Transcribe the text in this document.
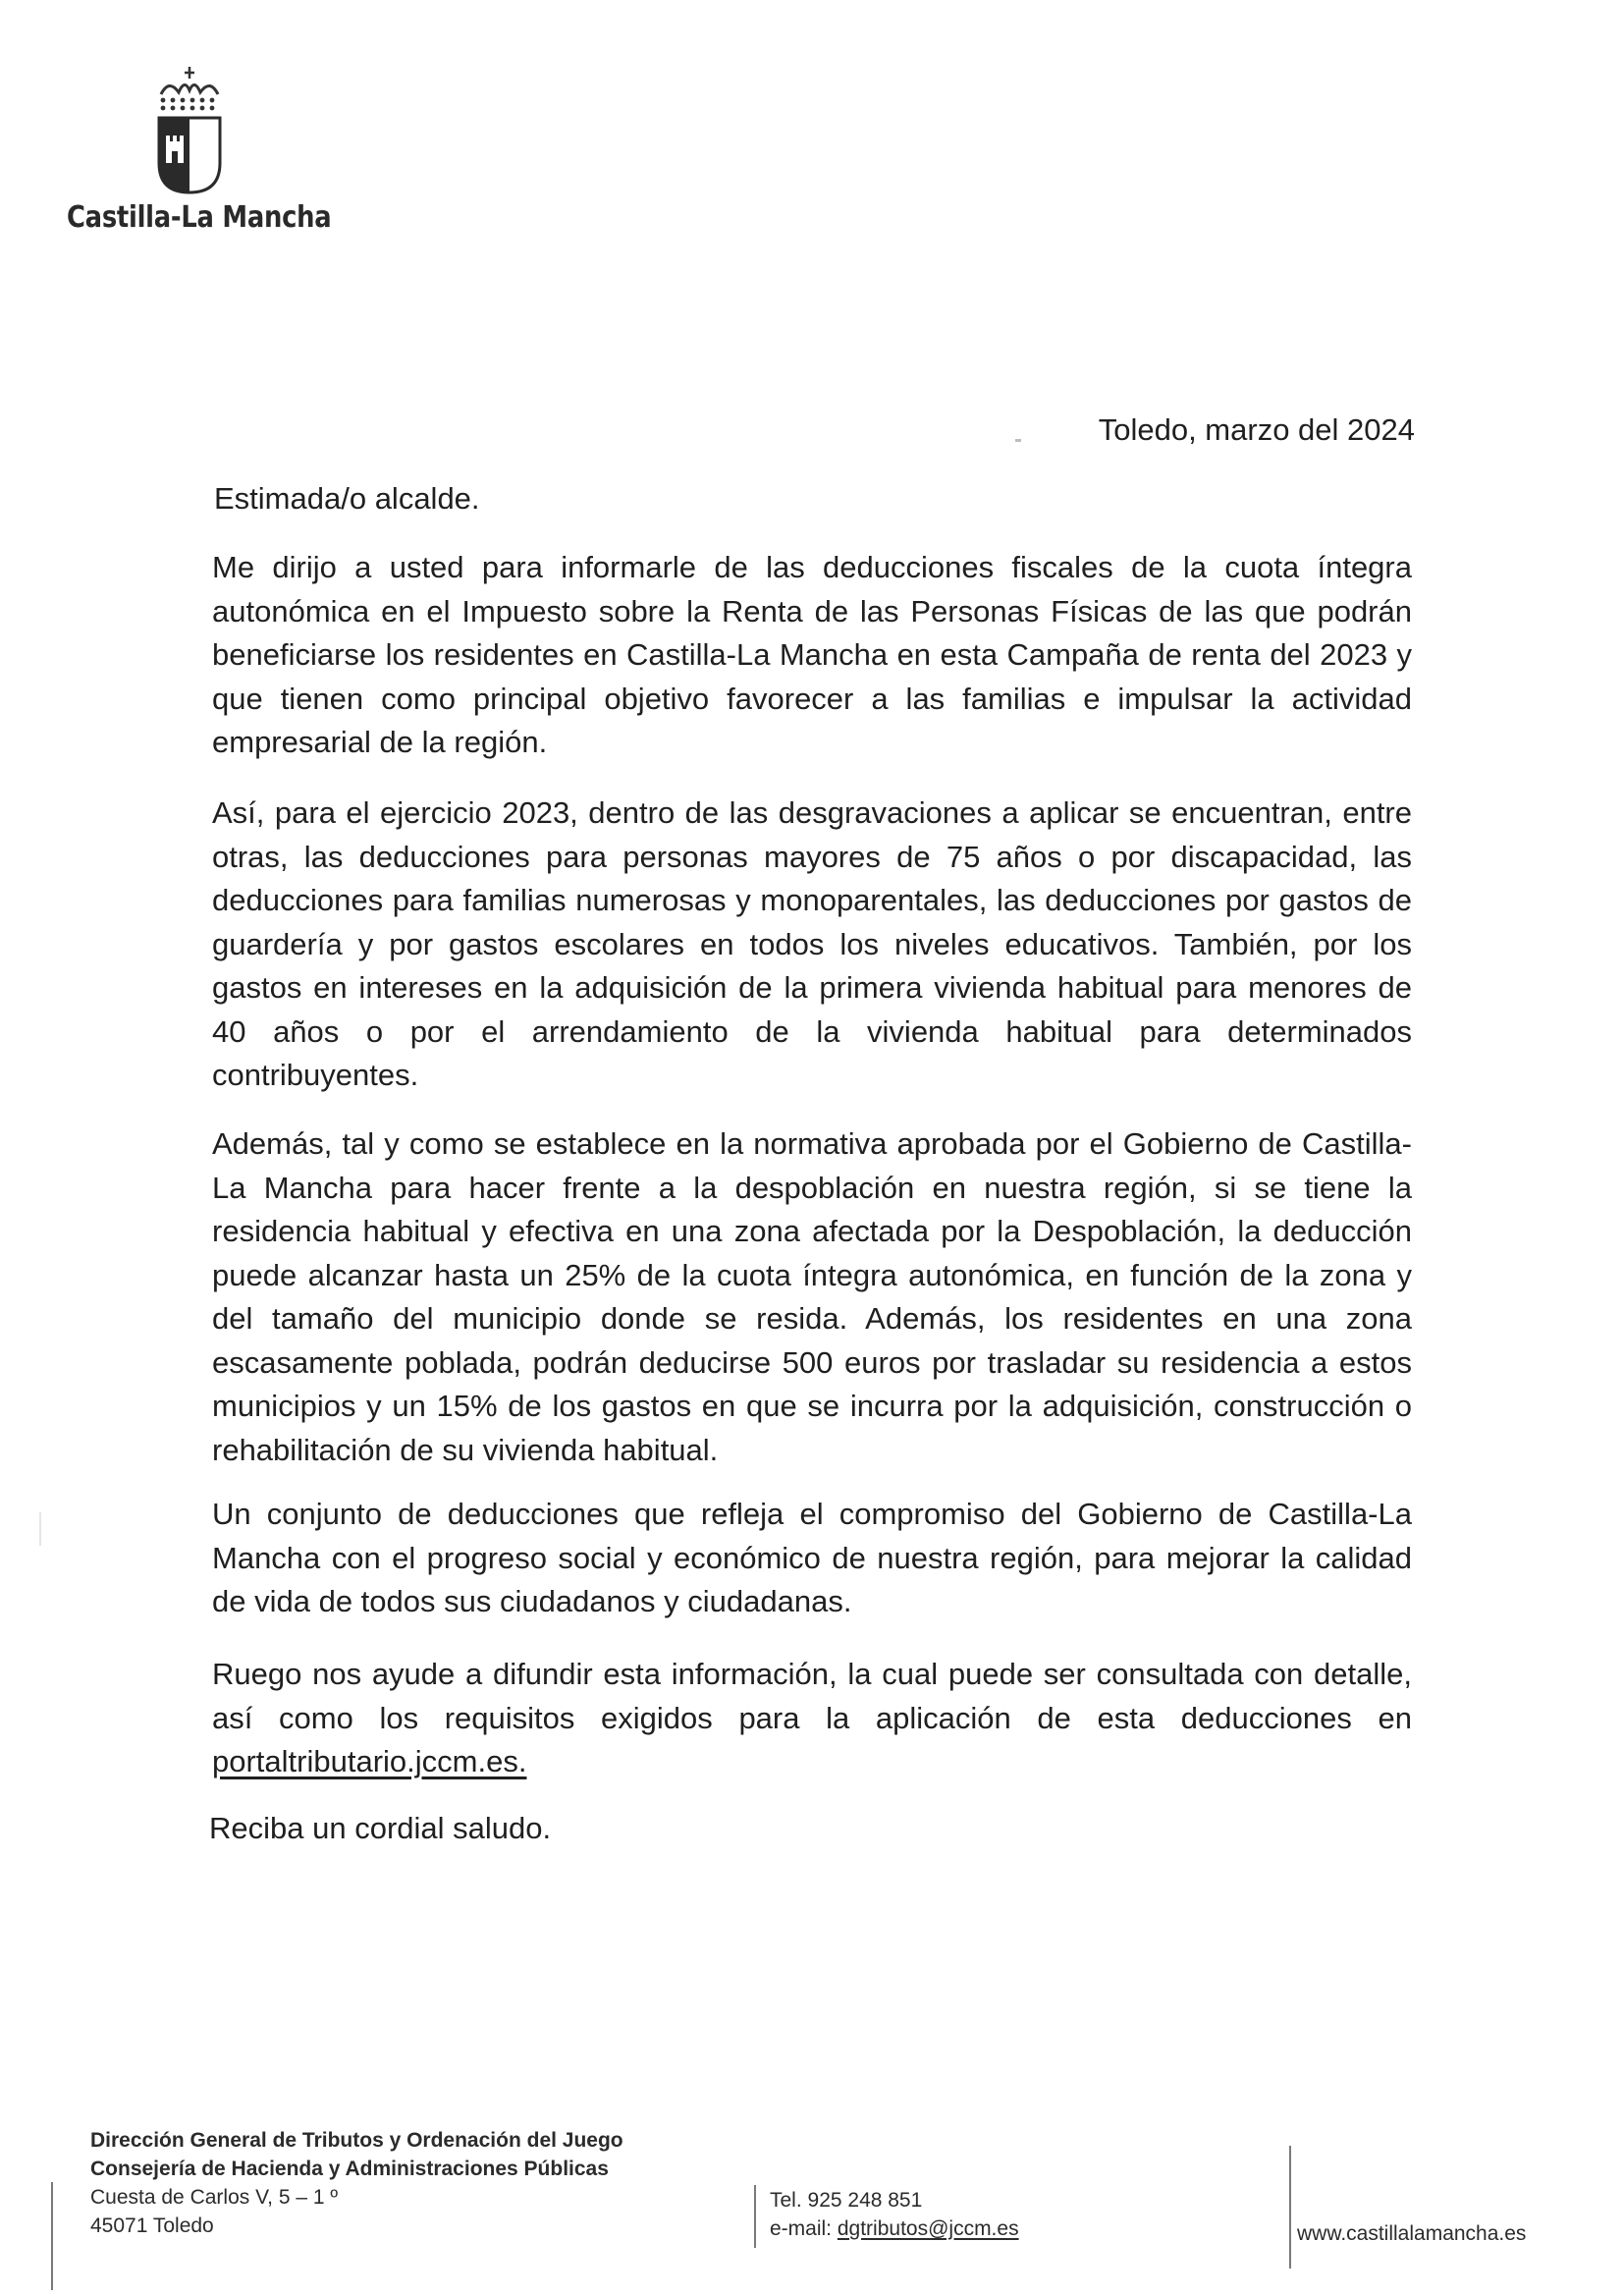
Castilla-La Mancha
Toledo, marzo del 2024
Estimada/o alcalde.
Me dirijo a usted para informarle de las deducciones fiscales de la cuota íntegra autonómica en el Impuesto sobre la Renta de las Personas Físicas de las que podrán beneficiarse los residentes en Castilla-La Mancha en esta Campaña de renta del 2023 y que tienen como principal objetivo favorecer a las familias e impulsar la actividad empresarial de la región.
Así, para el ejercicio 2023, dentro de las desgravaciones a aplicar se encuentran, entre otras, las deducciones para personas mayores de 75 años o por discapacidad, las deducciones para familias numerosas y monoparentales, las deducciones por gastos de guardería y por gastos escolares en todos los niveles educativos. También, por los gastos en intereses en la adquisición de la primera vivienda habitual para menores de 40 años o por el arrendamiento de la vivienda habitual para determinados contribuyentes.
Además, tal y como se establece en la normativa aprobada por el Gobierno de Castilla-La Mancha para hacer frente a la despoblación en nuestra región, si se tiene la residencia habitual y efectiva en una zona afectada por la Despoblación, la deducción puede alcanzar hasta un 25% de la cuota íntegra autonómica, en función de la zona y del tamaño del municipio donde se resida. Además, los residentes en una zona escasamente poblada, podrán deducirse 500 euros por trasladar su residencia a estos municipios y un 15% de los gastos en que se incurra por la adquisición, construcción o rehabilitación de su vivienda habitual.
Un conjunto de deducciones que refleja el compromiso del Gobierno de Castilla-La Mancha con el progreso social y económico de nuestra región, para mejorar la calidad de vida de todos sus ciudadanos y ciudadanas.
Ruego nos ayude a difundir esta información, la cual puede ser consultada con detalle, así como los requisitos exigidos para la aplicación de esta deducciones en portaltributario.jccm.es.
Reciba un cordial saludo.
Dirección General de Tributos y Ordenación del Juego
Consejería de Hacienda y Administraciones Públicas
Cuesta de Carlos V, 5 – 1 º
45071 Toledo
Tel. 925 248 851
e-mail: dgtributos@jccm.es	www.castillalamancha.es
